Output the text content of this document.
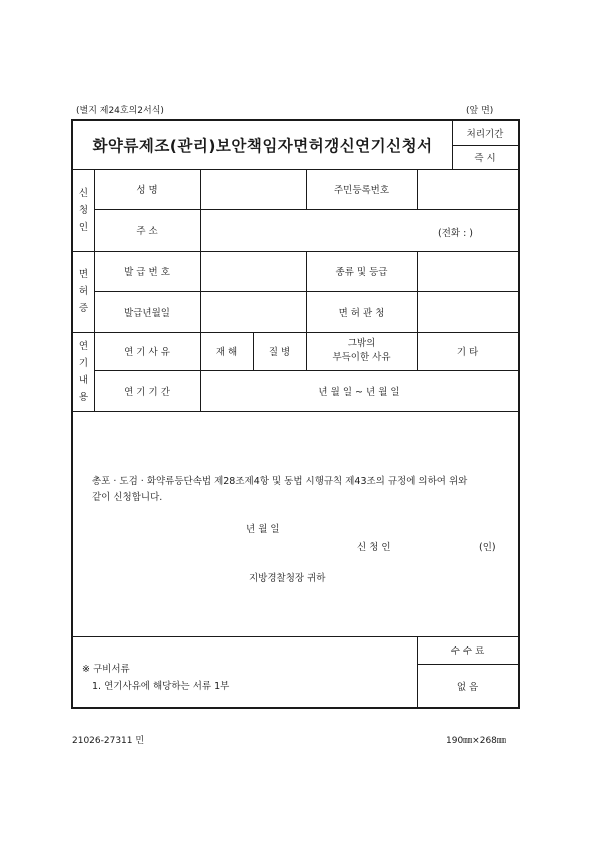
(별지 제24호의2서식)	(앞 면)
화약류제조(관리)보안책임자면허갱신연기신청서
처리기간
즉 시
신
청
인
성 명	주민등록번호
주 소	(전화 : )
면
허
증
발 급 번 호	종류 및 등급
발급년월일	면 허 관 청
연
기
내
용
연 기 사 유	재 해	질 병
그밖의
부득이한 사유	기 타
연 기 기 간	년 월 일 ~ 년 월 일
총포 · 도검 · 화약류등단속법 제28조제4항 및 동법 시행규칙 제43조의 규정에 의하여 위와
같이 신청합니다.
년 월 일
신 청 인	(인)
지방경찰청장 귀하
※ 구비서류
1. 연기사유에 해당하는 서류 1부
수 수 료
없 음
21026-27311 민	190㎜×268㎜
